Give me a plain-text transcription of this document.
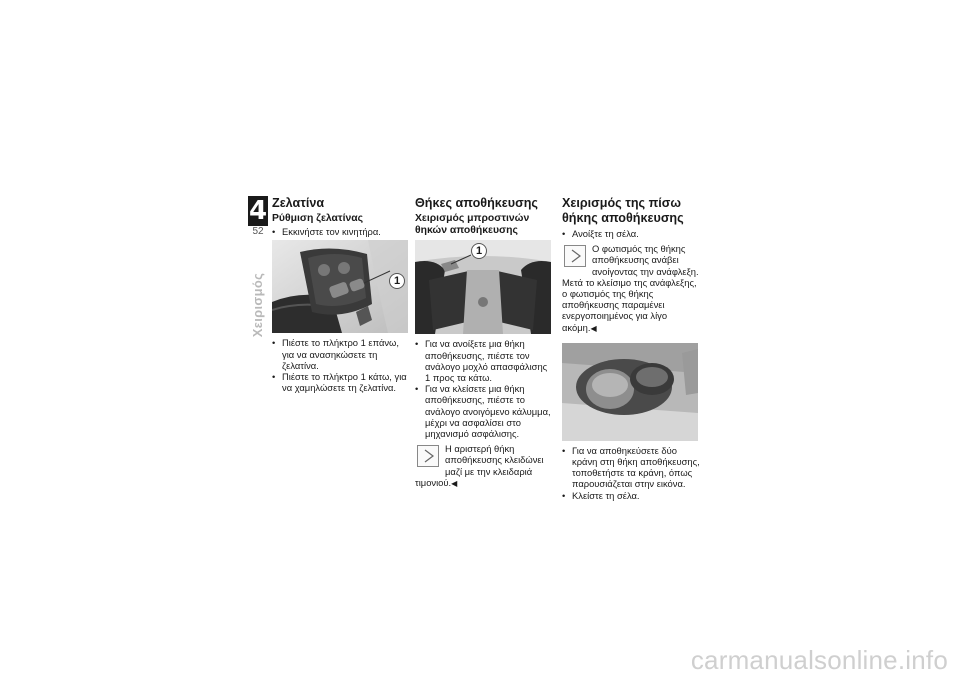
4
52
Χειρισμός
Ζελατίνα
Ρύθμιση ζελατίνας
• Εκκινήστε τον κινητήρα.
1
• Πιέστε το πλήκτρο 1 επάνω, για να ανασηκώσετε τη ζελατίνα.
• Πιέστε το πλήκτρο 1 κάτω, για να χαμηλώσετε τη ζελατίνα.
Θήκες αποθήκευσης
Χειρισμός μπροστινών θηκών αποθήκευσης
1
• Για να ανοίξετε μια θήκη αποθήκευσης, πιέστε τον ανάλογο μοχλό απασφάλισης 1 προς τα κάτω.
• Για να κλείσετε μια θήκη αποθήκευσης, πιέστε το ανάλογο ανοιγόμενο κάλυμμα, μέχρι να ασφαλίσει στο μηχανισμό ασφάλισης.

Η αριστερή θήκη αποθήκευσης κλειδώνει μαζί με την κλειδαριά τιμονιού.◀

Χειρισμός της πίσω θήκης αποθήκευσης
• Ανοίξτε τη σέλα.

Ο φωτισμός της θήκης αποθήκευσης ανάβει ανοίγοντας την ανάφλεξη.

Μετά το κλείσιμο της ανάφλεξης, ο φωτισμός της θήκης αποθήκευσης παραμένει ενεργοποιημένος για λίγο ακόμη.◀

• Για να αποθηκεύσετε δύο κράνη στη θήκη αποθήκευσης, τοποθετήστε τα κράνη, όπως παρουσιάζεται στην εικόνα.
• Κλείστε τη σέλα.
carmanualsonline.info
